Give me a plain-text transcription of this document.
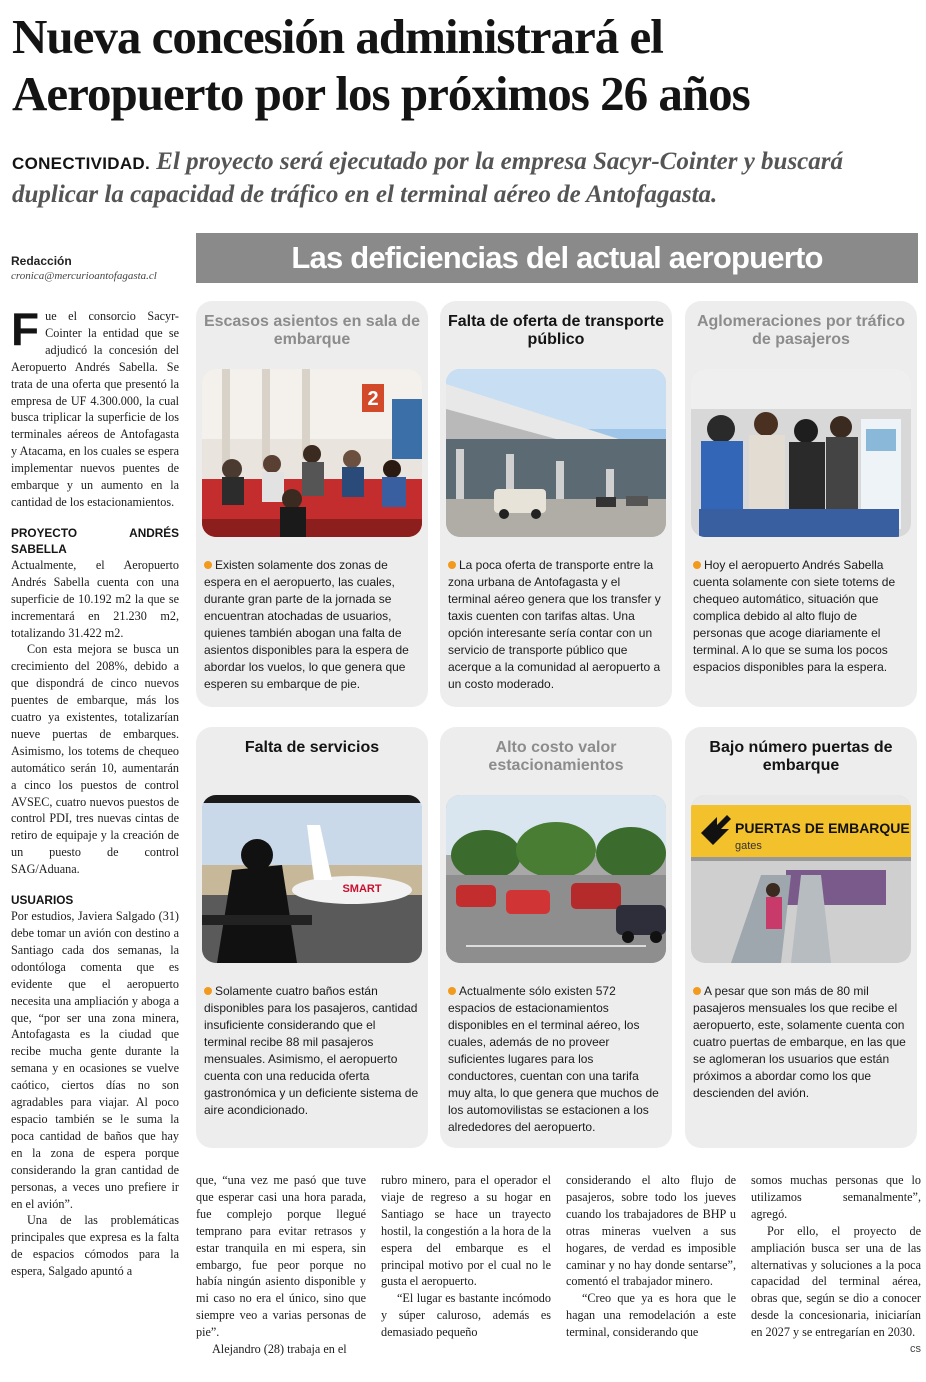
Nueva concesión administrará el
Aeropuerto por los próximos 26 años
CONECTIVIDAD. El proyecto será ejecutado por la empresa Sacyr-Cointer y buscará duplicar la capacidad de tráfico en el terminal aéreo de Antofagasta.
Redacción
cronica@mercurioantofagasta.cl

Fue el consorcio Sacyr-Cointer la entidad que se adjudicó la concesión del Aeropuerto Andrés Sabella. Se trata de una oferta que presentó la empresa de UF 4.300.000, la cual busca triplicar la superficie de los terminales aéreos de Antofagasta y Atacama, en los cuales se espera implementar nuevos puentes de embarque y un aumento en la cantidad de los estacionamientos.

PROYECTO ANDRÉS SABELLA

Actualmente, el Aeropuerto Andrés Sabella cuenta con una superficie de 10.192 m2 la que se incrementará en 21.230 m2, totalizando 31.422 m2.

Con esta mejora se busca un crecimiento del 208%, debido a que dispondrá de cinco nuevos puentes de embarque, más los cuatro ya existentes, totalizarían nueve puertas de embarques. Asimismo, los totems de chequeo automático serán 10, aumentarán a cinco los puestos de control AVSEC, cuatro nuevos puestos de control PDI, tres nuevas cintas de retiro de equipaje y la creación de un puesto de control SAG/Aduana.

USUARIOS

Por estudios, Javiera Salgado (31) debe tomar un avión con destino a Santiago cada dos semanas, la odontóloga comenta que es evidente que el aeropuerto necesita una ampliación y aboga a que, “por ser una zona minera, Antofagasta es la ciudad que recibe mucha gente durante la semana y en ocasiones se vuelve caótico, ciertos días no son agradables para viajar. Al poco espacio también se le suma la poca cantidad de baños que hay en la zona de espera porque considerando la gran cantidad de personas, a veces uno prefiere ir en el avión”.

Una de las problemáticas principales que expresa es la falta de espacios cómodos para la espera, Salgado apuntó a

Las deficiencias del actual aeropuerto
Escasos asientos en sala de embarque
2
Existen solamente dos zonas de espera en el aeropuerto, las cuales, durante gran parte de la jornada se encuentran atochadas de usuarios, quienes también abogan una falta de asientos disponibles para la espera de abordar los vuelos, lo que genera que esperen su embarque de pie.
Falta de oferta de transporte público
La poca oferta de transporte entre la zona urbana de Antofagasta y el terminal aéreo genera que los transfer y taxis cuenten con tarifas altas. Una opción interesante sería contar con un servicio de transporte público que acerque a la comunidad al aeropuerto a un costo moderado.
Aglomeraciones por tráfico de pasajeros
Hoy el aeropuerto Andrés Sabella cuenta solamente con siete totems de chequeo automático, situación que complica debido al alto flujo de personas que acoge diariamente el terminal. A lo que se suma los pocos espacios disponibles para la espera.
Falta de servicios
SMART
Solamente cuatro baños están disponibles para los pasajeros, cantidad insuficiente considerando que el terminal recibe 88 mil pasajeros mensuales. Asimismo, el aeropuerto cuenta con una reducida oferta gastronómica y un deficiente sistema de aire acondicionado.
Alto costo valor estacionamientos
Actualmente sólo existen 572 espacios de estacionamientos disponibles en el terminal aéreo, los cuales, además de no proveer suficientes lugares para los conductores, cuentan con una tarifa muy alta, lo que genera que muchos de los automovilistas se estacionen a los alrededores del aeropuerto.
Bajo número puertas de embarque
PUERTAS DE EMBARQUE
gates
A pesar que son más de 80 mil pasajeros mensuales los que recibe el aeropuerto, este, solamente cuenta con cuatro puertas de embarque, en las que se aglomeran los usuarios que están próximos a abordar como los que descienden del avión.

que, “una vez me pasó que tuve que esperar casi una hora parada, fue complejo porque llegué temprano para evitar retrasos y estar tranquila en mi espera, sin embargo, fue peor porque no había ningún asiento disponible y mi caso no era el único, sino que siempre veo a varias personas de pie”.

Alejandro (28) trabaja en el

rubro minero, para el operador el viaje de regreso a su hogar en Santiago se hace un trayecto hostil, la congestión a la hora de la espera del embarque es el principal motivo por el cual no le gusta el aeropuerto.

“El lugar es bastante incómodo y súper caluroso, además es demasiado pequeño

considerando el alto flujo de pasajeros, sobre todo los jueves cuando los trabajadores de BHP u otras mineras vuelven a sus hogares, de verdad es imposible caminar y no hay donde sentarse”, comentó el trabajador minero.

“Creo que ya es hora que le hagan una remodelación a este terminal, considerando que

somos muchas personas que lo utilizamos semanalmente”, agregó.

Por ello, el proyecto de ampliación busca ser una de las alternativas y soluciones a la poca capacidad del terminal aérea, obras que, según se dio a conocer desde la concesionaria, iniciarían en 2027 y se entregarían en 2030.
cs
